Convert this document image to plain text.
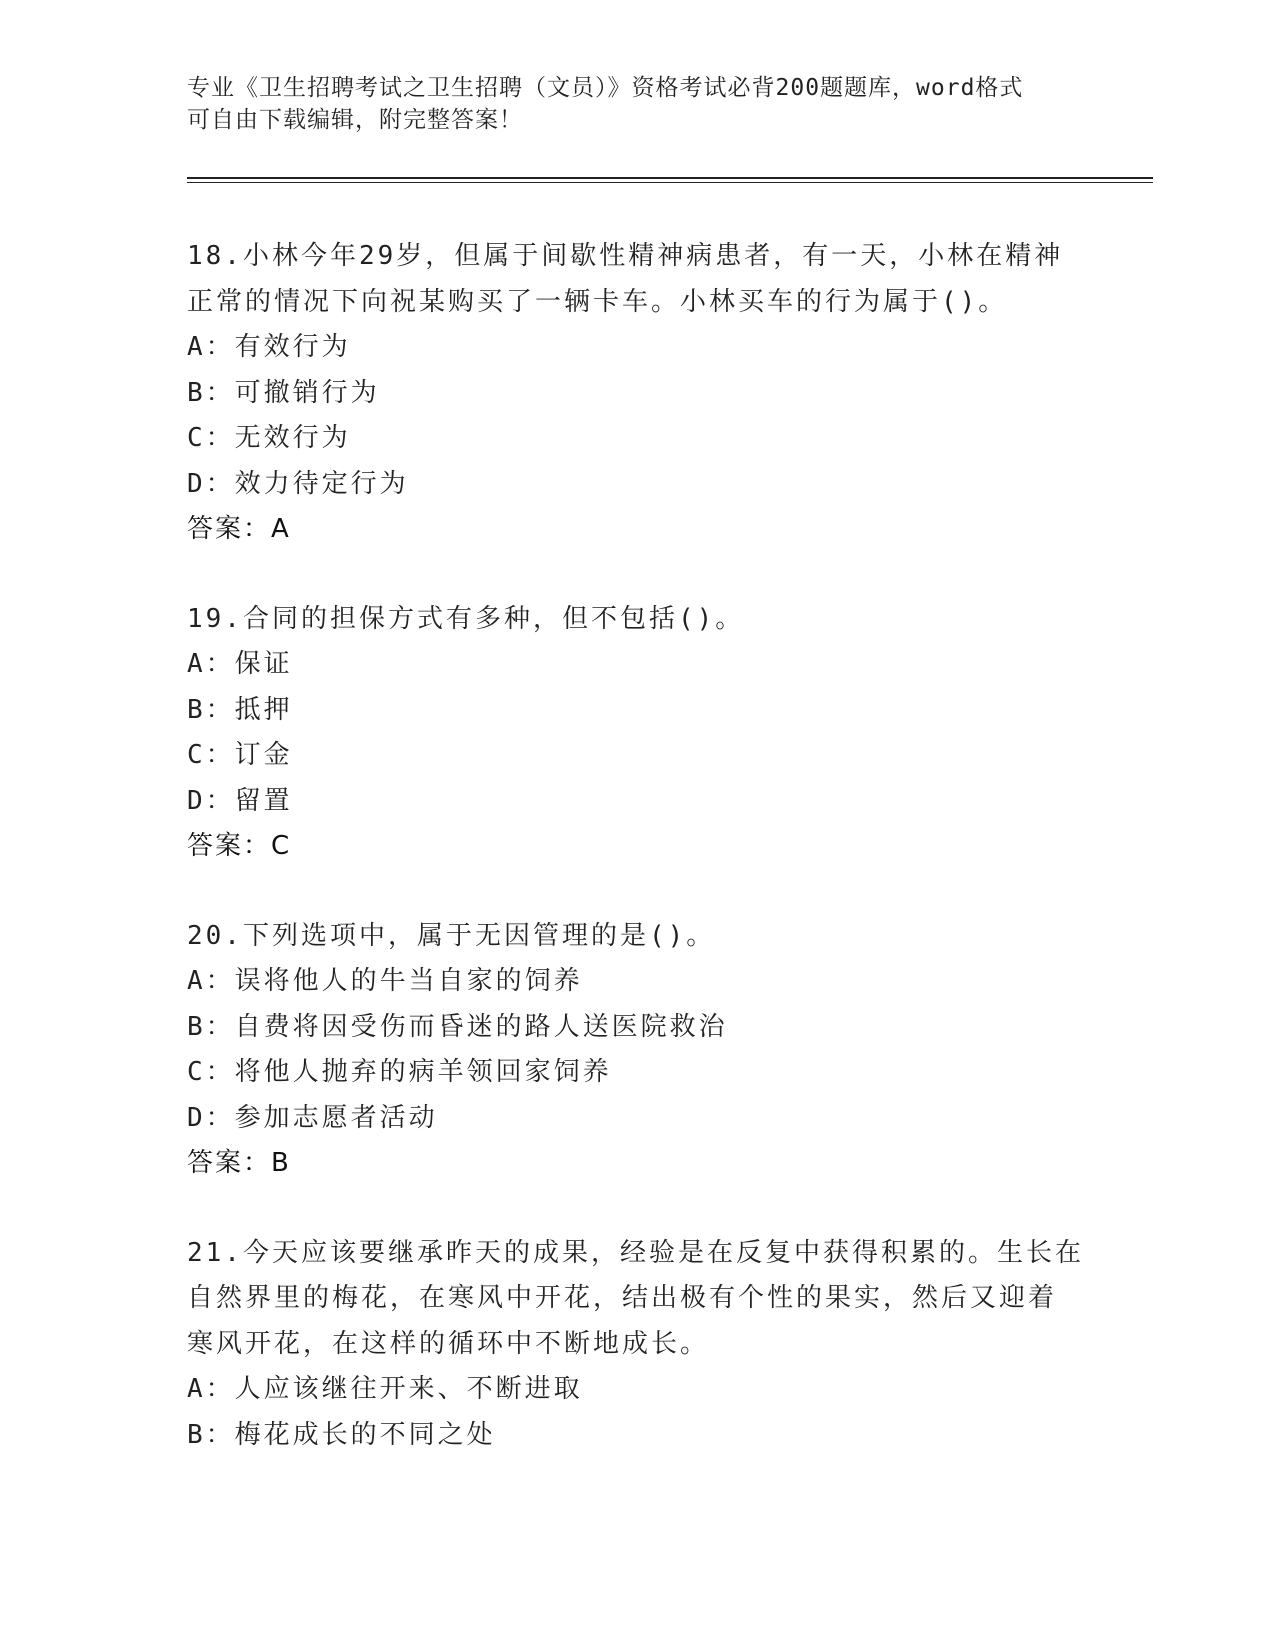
专业《卫生招聘考试之卫生招聘（文员）》资格考试必背200题题库，word格式
可自由下载编辑，附完整答案！
18.小林今年29岁，但属于间歇性精神病患者，有一天，小林在精神
正常的情况下向祝某购买了一辆卡车。小林买车的行为属于()。
A：有效行为
B：可撤销行为
C：无效行为
D：效力待定行为
答案：A
19.合同的担保方式有多种，但不包括()。
A：保证
B：抵押
C：订金
D：留置
答案：C
20.下列选项中，属于无因管理的是()。
A：误将他人的牛当自家的饲养
B：自费将因受伤而昏迷的路人送医院救治
C：将他人抛弃的病羊领回家饲养
D：参加志愿者活动
答案：B
21.今天应该要继承昨天的成果，经验是在反复中获得积累的。生长在
自然界里的梅花，在寒风中开花，结出极有个性的果实，然后又迎着
寒风开花，在这样的循环中不断地成长。
A：人应该继往开来、不断进取
B：梅花成长的不同之处
